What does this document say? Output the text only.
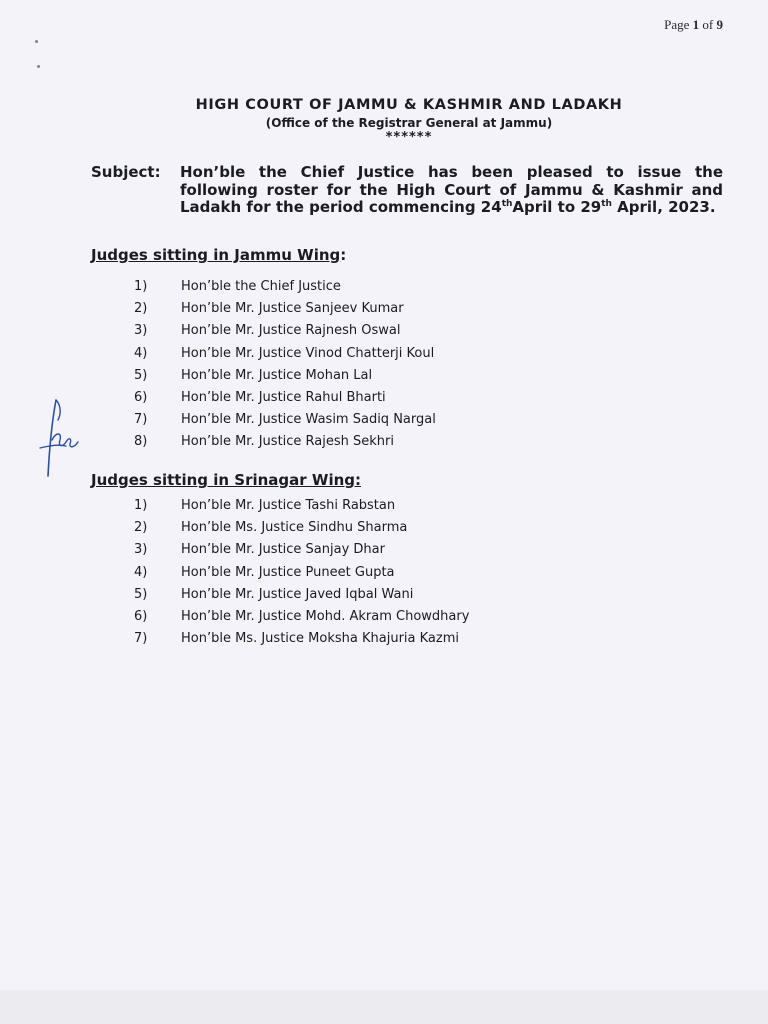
Page 1 of 9
HIGH COURT OF JAMMU & KASHMIR AND LADAKH
(Office of the Registrar General at Jammu)
******
Subject: Hon’ble the Chief Justice has been pleased to issue the following roster for the High Court of Jammu & Kashmir and Ladakh for the period commencing 24thApril to 29th April, 2023.
Judges sitting in Jammu Wing:
1)	Hon’ble the Chief Justice
2)	Hon’ble Mr. Justice Sanjeev Kumar
3)	Hon’ble Mr. Justice Rajnesh Oswal
4)	Hon’ble Mr. Justice Vinod Chatterji Koul
5)	Hon’ble Mr. Justice Mohan Lal
6)	Hon’ble Mr. Justice Rahul Bharti
7)	Hon’ble Mr. Justice Wasim Sadiq Nargal
8)	Hon’ble Mr. Justice Rajesh Sekhri
Judges sitting in Srinagar Wing:
1)	Hon’ble Mr. Justice Tashi Rabstan
2)	Hon’ble Ms. Justice Sindhu Sharma
3)	Hon’ble Mr. Justice Sanjay Dhar
4)	Hon’ble Mr. Justice Puneet Gupta
5)	Hon’ble Mr. Justice Javed Iqbal Wani
6)	Hon’ble Mr. Justice Mohd. Akram Chowdhary
7)	Hon’ble Ms. Justice Moksha Khajuria Kazmi
